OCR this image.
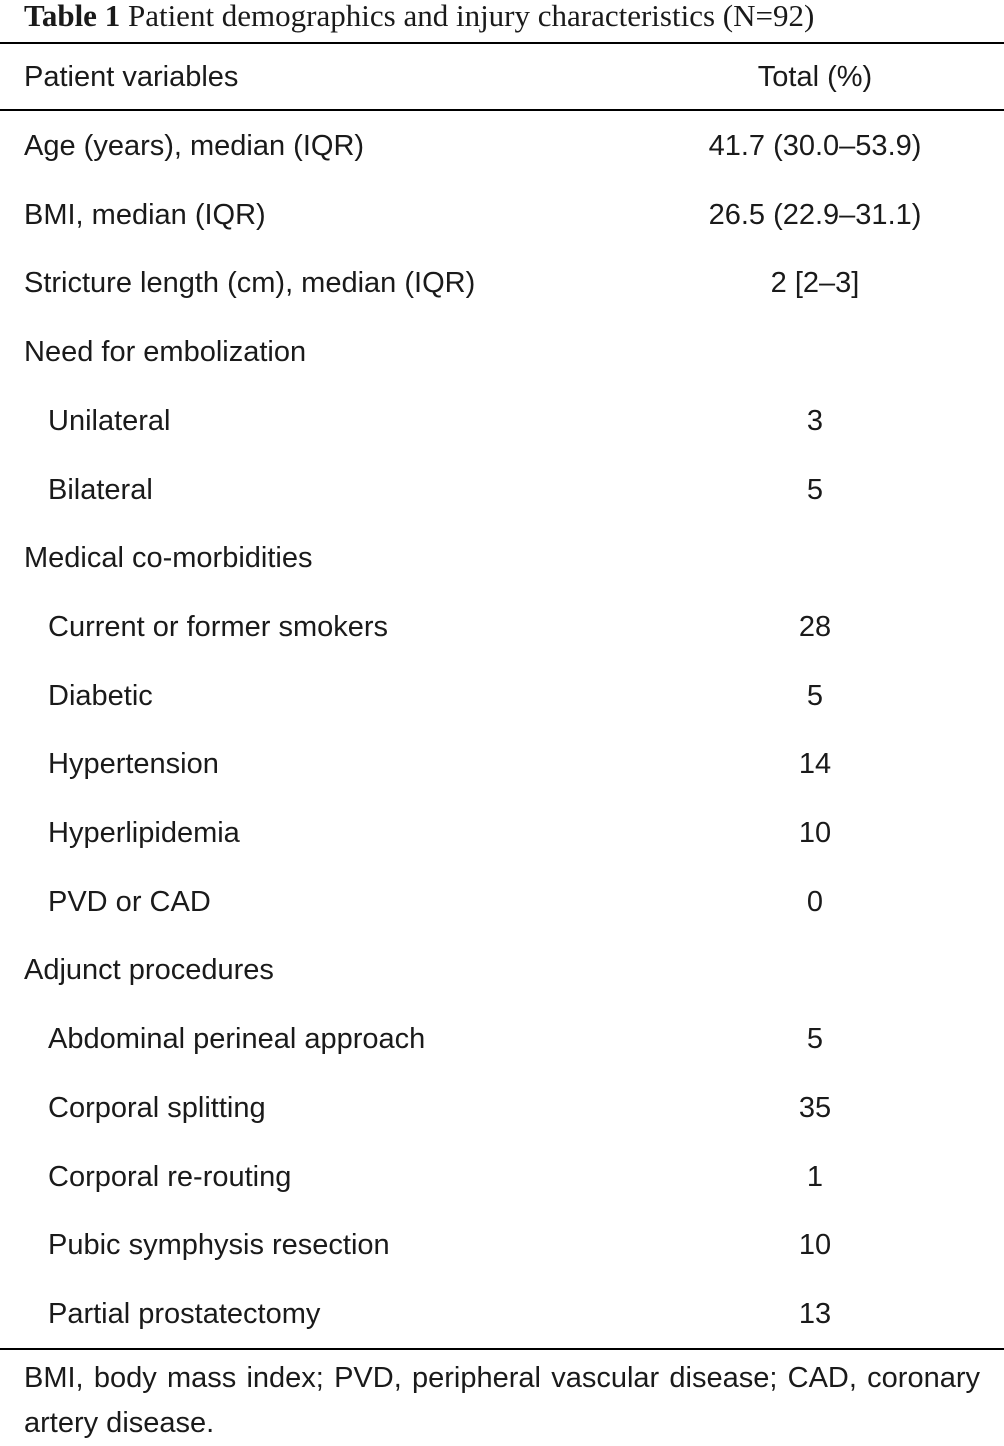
Table 1 Patient demographics and injury characteristics (N=92)
Patient variables	Total (%)
Age (years), median (IQR)	41.7 (30.0–53.9)
BMI, median (IQR)	26.5 (22.9–31.1)
Stricture length (cm), median (IQR)	2 [2–3]
Need for embolization
Unilateral	3
Bilateral	5
Medical co-morbidities
Current or former smokers	28
Diabetic	5
Hypertension	14
Hyperlipidemia	10
PVD or CAD	0
Adjunct procedures
Abdominal perineal approach	5
Corporal splitting	35
Corporal re-routing	1
Pubic symphysis resection	10
Partial prostatectomy	13
BMI, body mass index; PVD, peripheral vascular disease; CAD, coronary artery disease.
